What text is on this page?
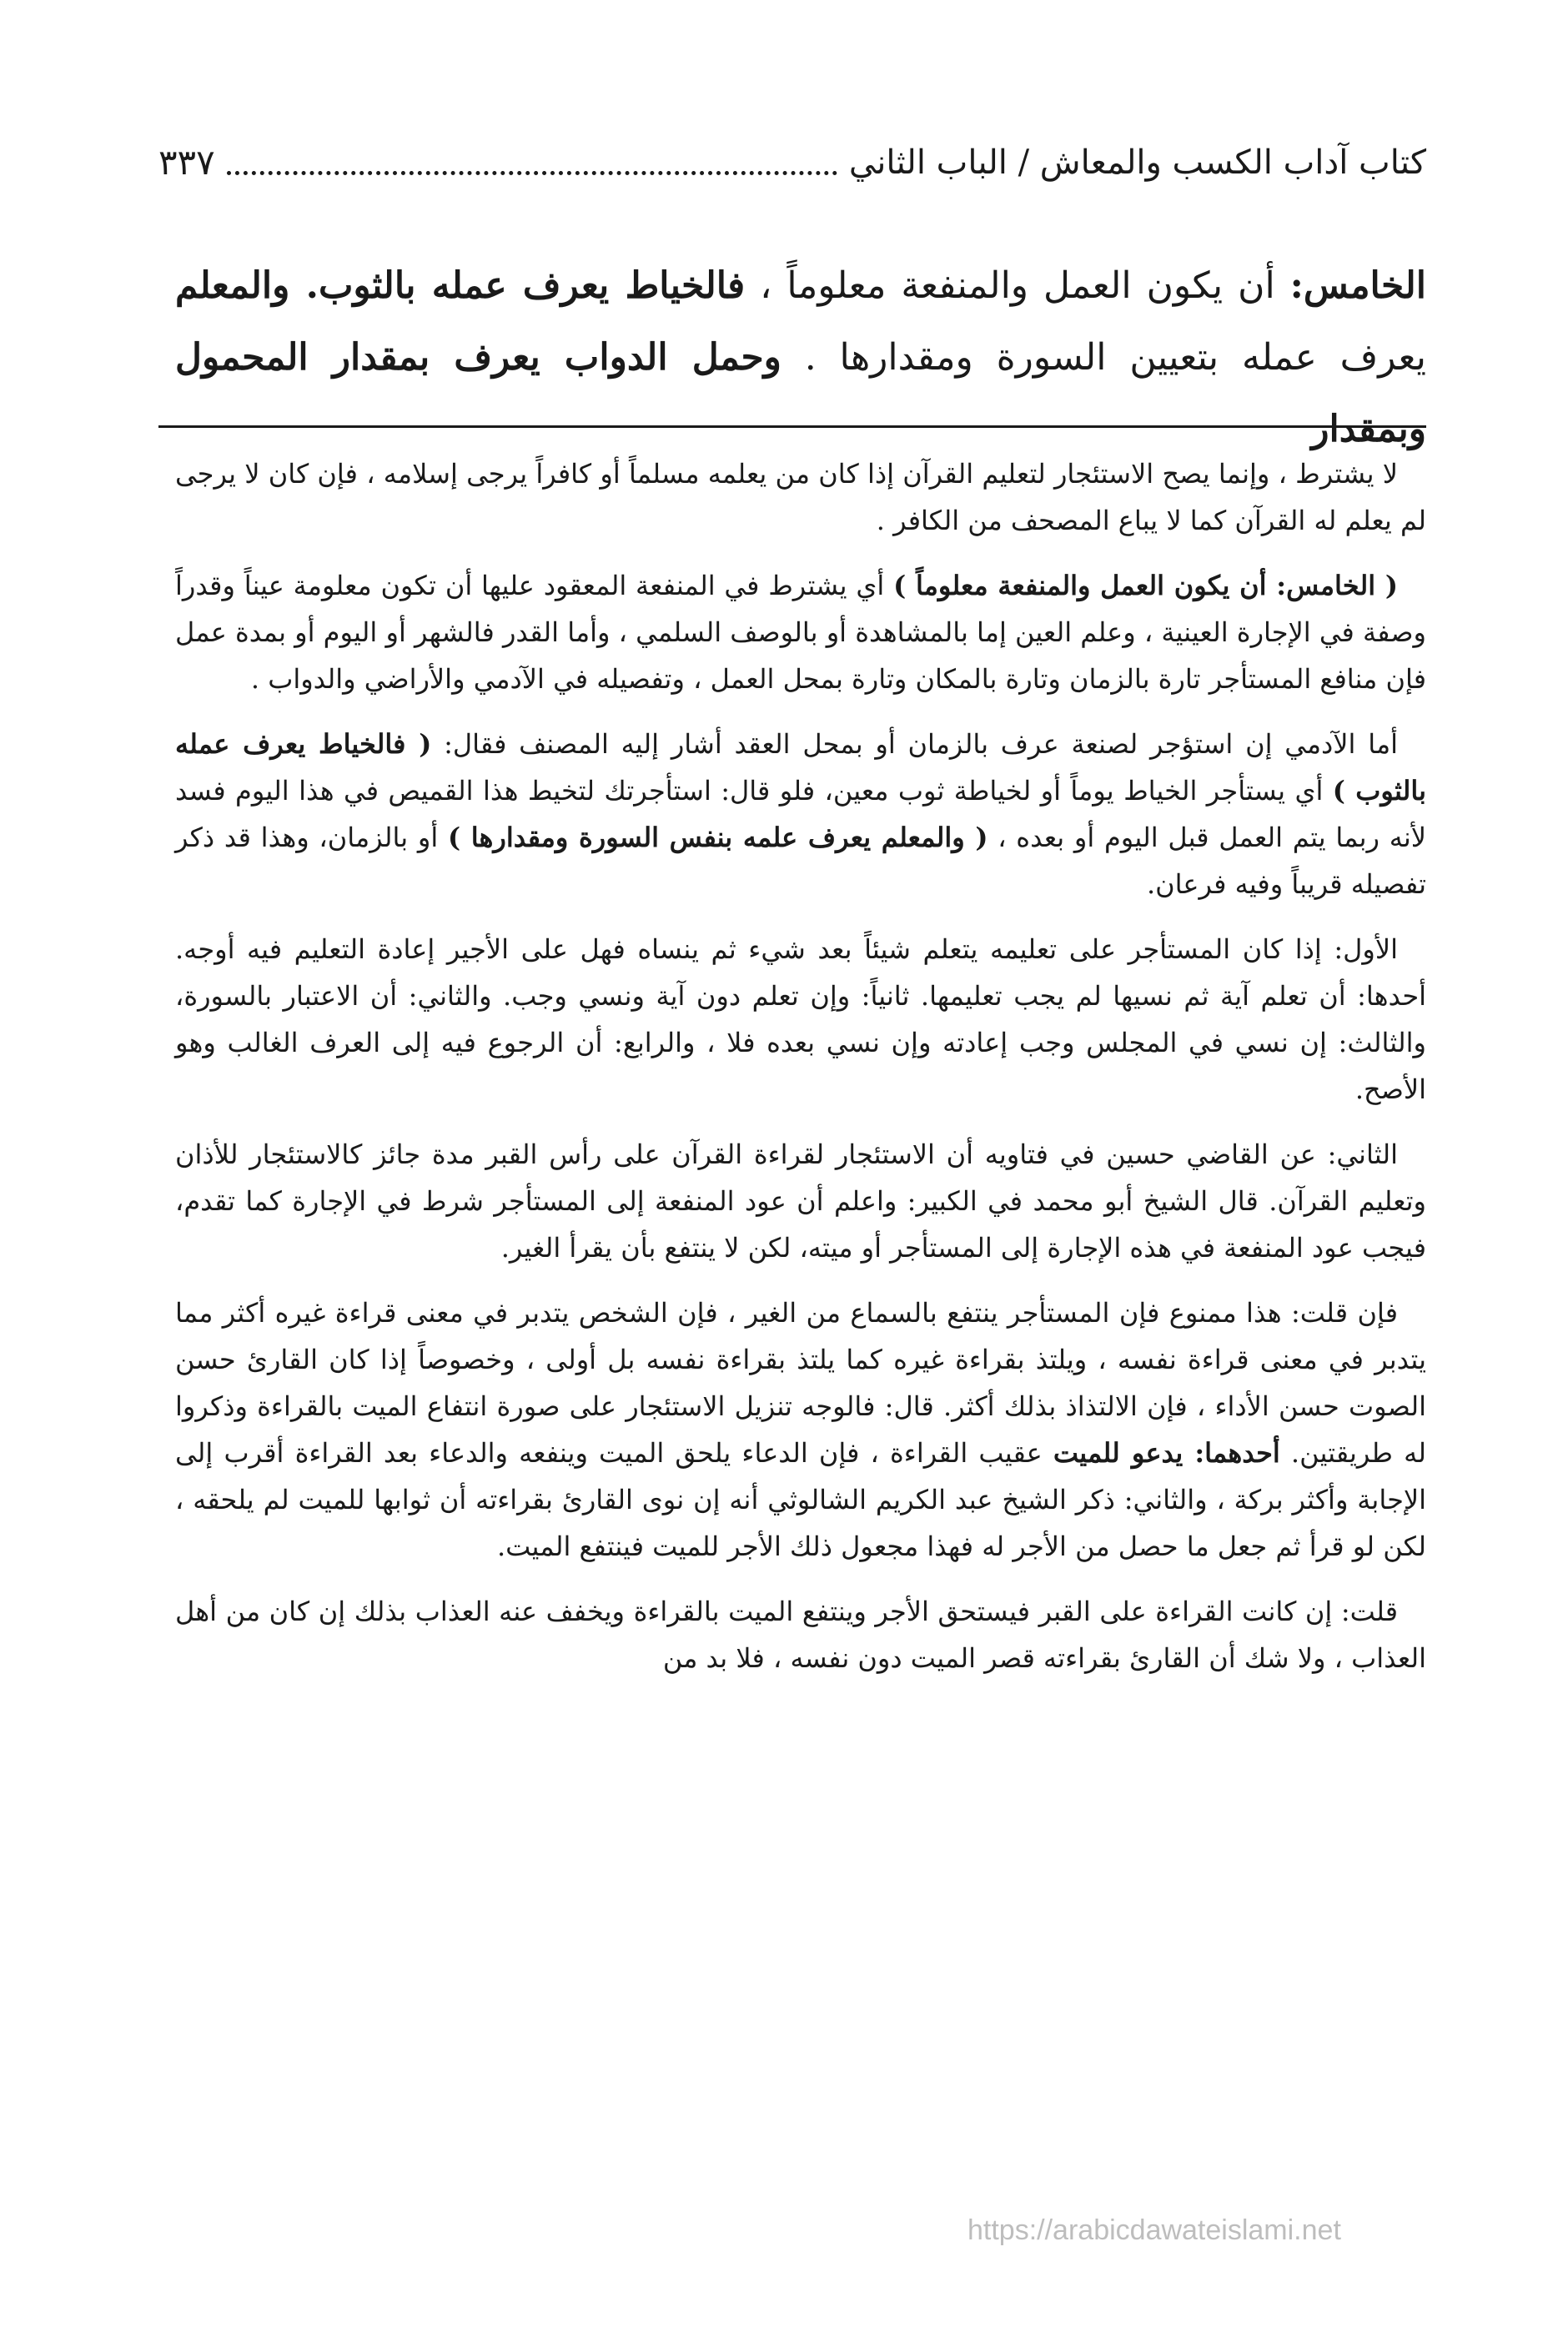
كتاب آداب الكسب والمعاش / الباب الثاني
٣٣٧

الخامس: أن يكون العمل والمنفعة معلوماً ، فالخياط يعرف عمله بالثوب. والمعلم يعرف عمله بتعيين السورة ومقدارها . وحمل الدواب يعرف بمقدار المحمول وبمقدار

لا يشترط ، وإنما يصح الاستئجار لتعليم القرآن إذا كان من يعلمه مسلماً أو كافراً يرجى إسلامه ، فإن كان لا يرجى لم يعلم له القرآن كما لا يباع المصحف من الكافر .

( الخامس: أن يكون العمل والمنفعة معلوماً ) أي يشترط في المنفعة المعقود عليها أن تكون معلومة عيناً وقدراً وصفة في الإجارة العينية ، وعلم العين إما بالمشاهدة أو بالوصف السلمي ، وأما القدر فالشهر أو اليوم أو بمدة عمل فإن منافع المستأجر تارة بالزمان وتارة بالمكان وتارة بمحل العمل ، وتفصيله في الآدمي والأراضي والدواب .

أما الآدمي إن استؤجر لصنعة عرف بالزمان أو بمحل العقد أشار إليه المصنف فقال: ( فالخياط يعرف عمله بالثوب ) أي يستأجر الخياط يوماً أو لخياطة ثوب معين، فلو قال: استأجرتك لتخيط هذا القميص في هذا اليوم فسد لأنه ربما يتم العمل قبل اليوم أو بعده ، ( والمعلم يعرف علمه بنفس السورة ومقدارها ) أو بالزمان، وهذا قد ذكر تفصيله قريباً وفيه فرعان.

الأول: إذا كان المستأجر على تعليمه يتعلم شيئاً بعد شيء ثم ينساه فهل على الأجير إعادة التعليم فيه أوجه. أحدها: أن تعلم آية ثم نسيها لم يجب تعليمها. ثانياً: وإن تعلم دون آية ونسي وجب. والثاني: أن الاعتبار بالسورة، والثالث: إن نسي في المجلس وجب إعادته وإن نسي بعده فلا ، والرابع: أن الرجوع فيه إلى العرف الغالب وهو الأصح.

الثاني: عن القاضي حسين في فتاويه أن الاستئجار لقراءة القرآن على رأس القبر مدة جائز كالاستئجار للأذان وتعليم القرآن. قال الشيخ أبو محمد في الكبير: واعلم أن عود المنفعة إلى المستأجر شرط في الإجارة كما تقدم، فيجب عود المنفعة في هذه الإجارة إلى المستأجر أو ميته، لكن لا ينتفع بأن يقرأ الغير.

فإن قلت: هذا ممنوع فإن المستأجر ينتفع بالسماع من الغير ، فإن الشخص يتدبر في معنى قراءة غيره أكثر مما يتدبر في معنى قراءة نفسه ، ويلتذ بقراءة غيره كما يلتذ بقراءة نفسه بل أولى ، وخصوصاً إذا كان القارئ حسن الصوت حسن الأداء ، فإن الالتذاذ بذلك أكثر. قال: فالوجه تنزيل الاستئجار على صورة انتفاع الميت بالقراءة وذكروا له طريقتين. أحدهما: يدعو للميت عقيب القراءة ، فإن الدعاء يلحق الميت وينفعه والدعاء بعد القراءة أقرب إلى الإجابة وأكثر بركة ، والثاني: ذكر الشيخ عبد الكريم الشالوثي أنه إن نوى القارئ بقراءته أن ثوابها للميت لم يلحقه ، لكن لو قرأ ثم جعل ما حصل من الأجر له فهذا مجعول ذلك الأجر للميت فينتفع الميت.

قلت: إن كانت القراءة على القبر فيستحق الأجر وينتفع الميت بالقراءة ويخفف عنه العذاب بذلك إن كان من أهل العذاب ، ولا شك أن القارئ بقراءته قصر الميت دون نفسه ، فلا بد من

https://arabicdawateislami.net
